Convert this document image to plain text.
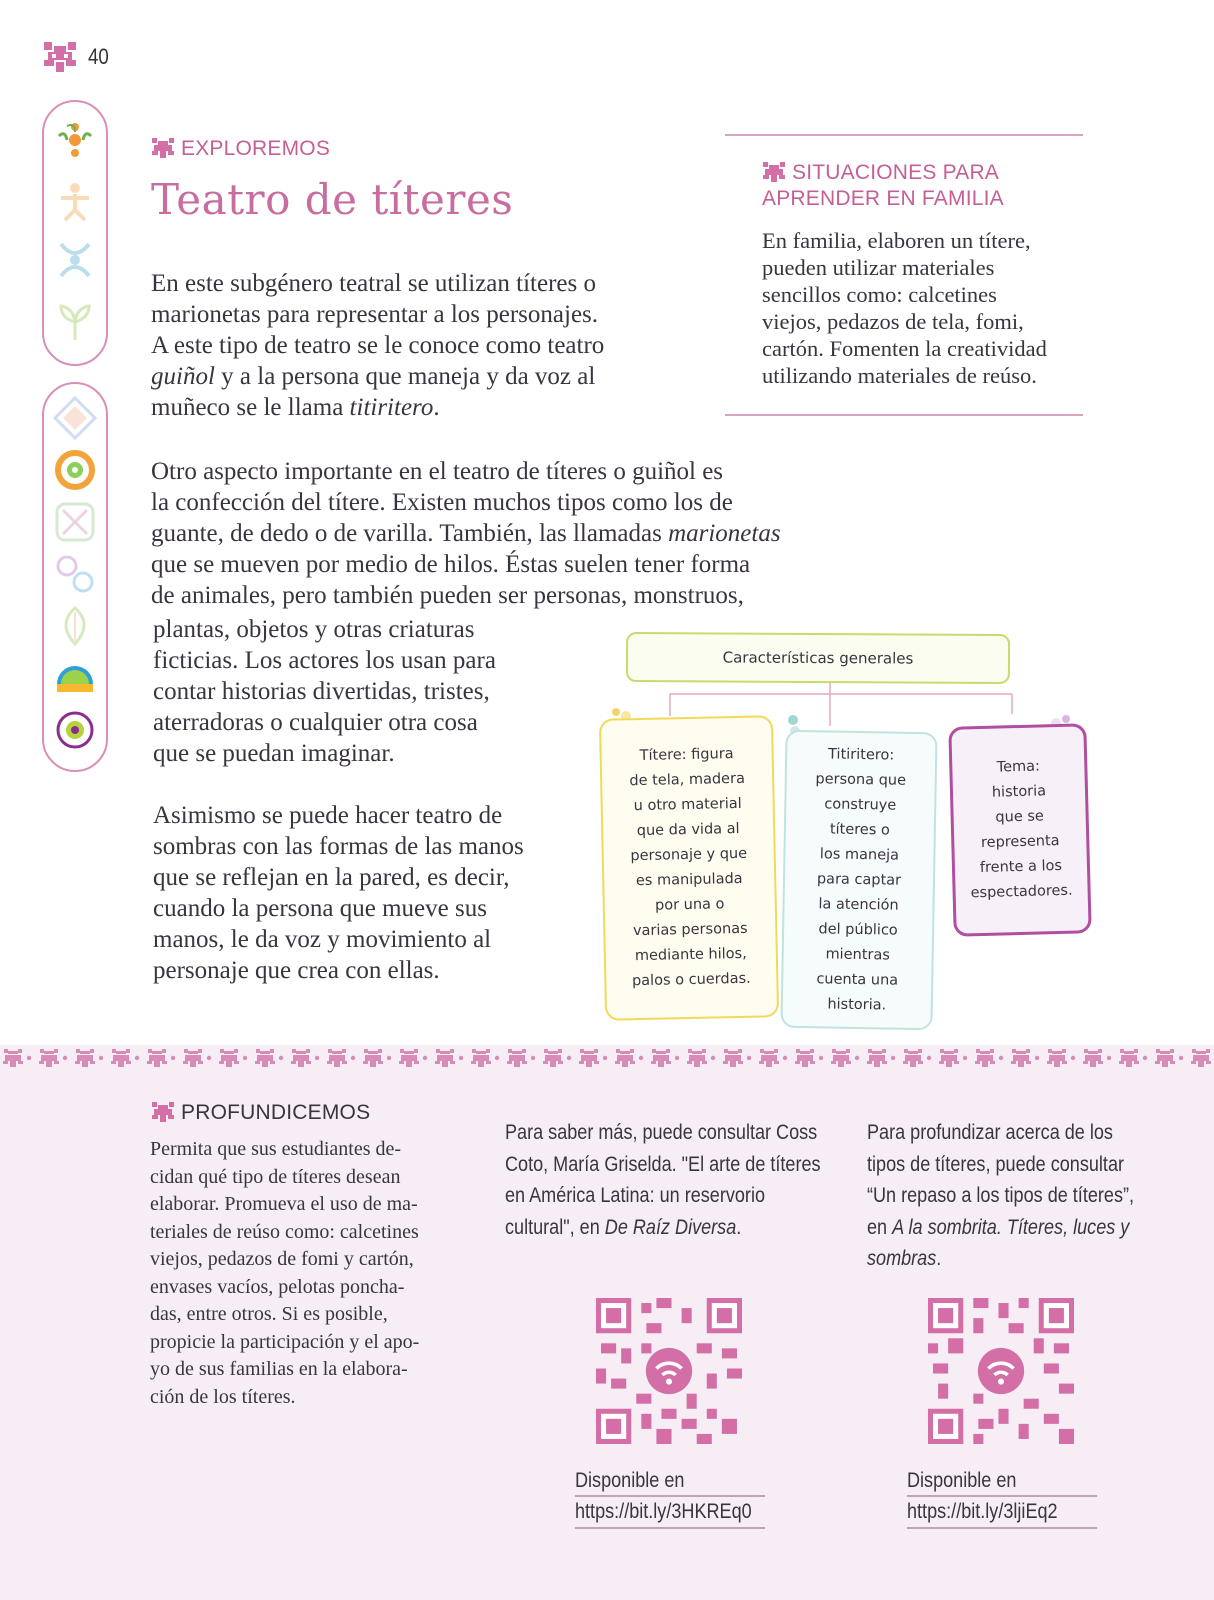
40
EXPLOREMOS
Teatro de títeres

En este subgénero teatral se utilizan títeres o
marionetas para representar a los personajes.
A este tipo de teatro se le conoce como teatro
guiñol y a la persona que maneja y da voz al
muñeco se le llama titiritero.

Otro aspecto importante en el teatro de títeres o guiñol es
la confección del títere. Existen muchos tipos como los de
guante, de dedo o de varilla. También, las llamadas marionetas
que se mueven por medio de hilos. Éstas suelen tener forma
de animales, pero también pueden ser personas, monstruos,

plantas, objetos y otras criaturas
ficticias. Los actores los usan para
contar historias divertidas, tristes,
aterradoras o cualquier otra cosa
que se puedan imaginar.

Asimismo se puede hacer teatro de
sombras con las formas de las manos
que se reflejan en la pared, es decir,
cuando la persona que mueve sus
manos, le da voz y movimiento al
personaje que crea con ellas.

SITUACIONES PARA
APRENDER EN FAMILIA

En familia, elaboren un títere,
pueden utilizar materiales
sencillos como: calcetines
viejos, pedazos de tela, fomi,
cartón. Fomenten la creatividad
utilizando materiales de reúso.

Características generales
Títere: figura
de tela, madera
u otro material
que da vida al
personaje y que
es manipulada
por una o
varias personas
mediante hilos,
palos o cuerdas.
Titiritero:
persona que
construye
títeres o
los maneja
para captar
la atención
del público
mientras
cuenta una
historia.
Tema:
historia
que se
representa
frente a los
espectadores.
PROFUNDICEMOS

Permita que sus estudiantes de-
cidan qué tipo de títeres desean
elaborar. Promueva el uso de ma-
teriales de reúso como: calcetines
viejos, pedazos de fomi y cartón,
envases vacíos, pelotas poncha-
das, entre otros. Si es posible,
propicie la participación y el apo-
yo de sus familias en la elabora-
ción de los títeres.

Para saber más, puede consultar Coss
Coto, María Griselda. "El arte de títeres
en América Latina: un reservorio
cultural", en De Raíz Diversa.

Disponible en
https://bit.ly/3HKREq0

Para profundizar acerca de los
tipos de títeres, puede consultar
“Un repaso a los tipos de títeres”,
en A la sombrita. Títeres, luces y
sombras.

Disponible en
https://bit.ly/3ljiEq2
